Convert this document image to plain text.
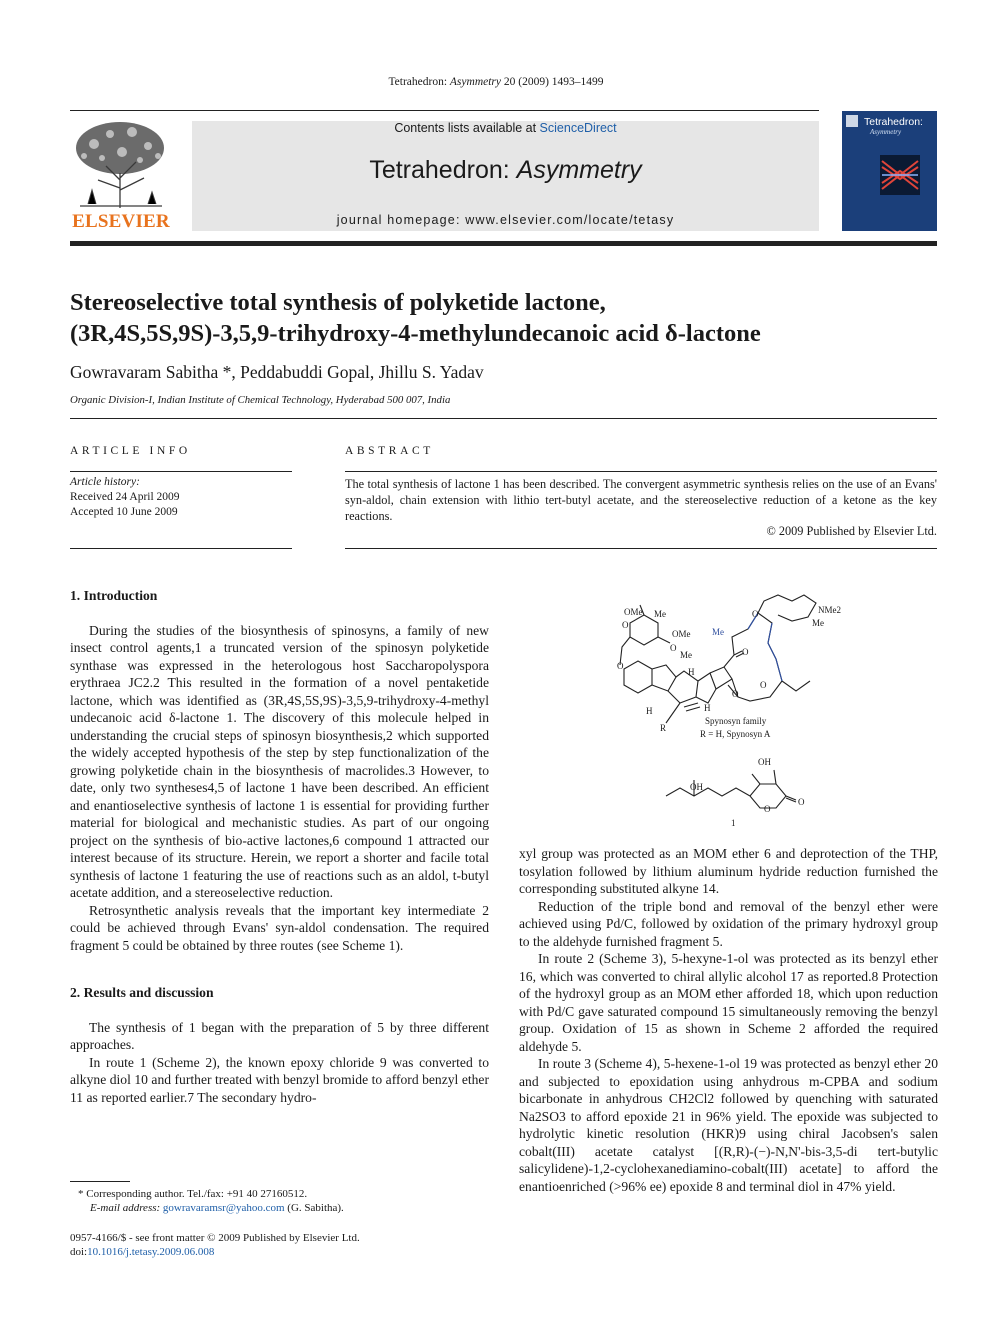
Tetrahedron: Asymmetry 20 (2009) 1493–1499
ELSEVIER
Contents lists available at ScienceDirect
Tetrahedron: Asymmetry
journal homepage: www.elsevier.com/locate/tetasy
Tetrahedron:
Asymmetry
Stereoselective total synthesis of polyketide lactone,
(3R,4S,5S,9S)-3,5,9-trihydroxy-4-methylundecanoic acid δ-lactone
Gowravaram Sabitha *, Peddabuddi Gopal, Jhillu S. Yadav
Organic Division-I, Indian Institute of Chemical Technology, Hyderabad 500 007, India
ARTICLE INFO
Article history:
Received 24 April 2009
Accepted 10 June 2009
ABSTRACT
The total synthesis of lactone 1 has been described. The convergent asymmetric synthesis relies on the use of an Evans' syn-aldol, chain extension with lithio tert-butyl acetate, and the stereoselective reduction of a ketone as the key reactions.
© 2009 Published by Elsevier Ltd.
1. Introduction

During the studies of the biosynthesis of spinosyns, a family of new insect control agents,1 a truncated version of the spinosyn polyketide synthase was expressed in the heterologous host Saccharopolyspora erythraea JC2.2 This resulted in the formation of a novel pentaketide lactone, which was identified as (3R,4S,5S,9S)-3,5,9-trihydroxy-4-methyl undecanoic acid δ-lactone 1. The discovery of this molecule helped in understanding the crucial steps of spinosyn biosynthesis,2 which supported the widely accepted hypothesis of the step by step functionalization of the growing polyketide chain in the biosynthesis of macrolides.3 However, to date, only two syntheses4,5 of lactone 1 have been described. An efficient and enantioselective synthesis of lactone 1 is essential for providing further material for biological and mechanistic studies. As part of our ongoing project on the synthesis of bio-active lactones,6 compound 1 attracted our interest because of its structure. Herein, we report a shorter and facile total synthesis of lactone 1 featuring the use of reactions such as an aldol, t-butyl acetate addition, and a stereoselective reduction.

Retrosynthetic analysis reveals that the important key intermediate 2 could be achieved through Evans' syn-aldol condensation. The required fragment 5 could be obtained by three routes (see Scheme 1).

2. Results and discussion

The synthesis of 1 began with the preparation of 5 by three different approaches.

In route 1 (Scheme 2), the known epoxy chloride 9 was converted to alkyne diol 10 and further treated with benzyl bromide to afford benzyl ether 11 as reported earlier.7 The secondary hydro-

OMe Me
OMe
O
O
O
Me
Me
O
O
O
O	NMe2
Me
H
H
H
R
Spynosyn family
R = H, Spynosyn A
OH
OH
O
O
1

xyl group was protected as an MOM ether 6 and deprotection of the THP, tosylation followed by lithium aluminum hydride reduction furnished the corresponding substituted alkyne 14.

Reduction of the triple bond and removal of the benzyl ether were achieved using Pd/C, followed by oxidation of the primary hydroxyl group to the aldehyde furnished fragment 5.

In route 2 (Scheme 3), 5-hexyne-1-ol was protected as its benzyl ether 16, which was converted to chiral allylic alcohol 17 as reported.8 Protection of the hydroxyl group as an MOM ether afforded 18, which upon reduction with Pd/C gave saturated compound 15 simultaneously removing the benzyl group. Oxidation of 15 as shown in Scheme 2 afforded the required aldehyde 5.

In route 3 (Scheme 4), 5-hexene-1-ol 19 was protected as benzyl ether 20 and subjected to epoxidation using anhydrous m-CPBA and sodium bicarbonate in anhydrous CH2Cl2 followed by quenching with saturated Na2SO3 to afford epoxide 21 in 96% yield. The epoxide was subjected to hydrolytic kinetic resolution (HKR)9 using chiral Jacobsen's salen cobalt(III) acetate catalyst [(R,R)-(−)-N,N'-bis-3,5-di tert-butylic salicylidene)-1,2-cyclohexanediamino-cobalt(III) acetate] to afford the enantioenriched (>96% ee) epoxide 8 and terminal diol in 47% yield.

* Corresponding author. Tel./fax: +91 40 27160512.
E-mail address: gowravaramsr@yahoo.com (G. Sabitha).
0957-4166/$ - see front matter © 2009 Published by Elsevier Ltd.
doi:10.1016/j.tetasy.2009.06.008
